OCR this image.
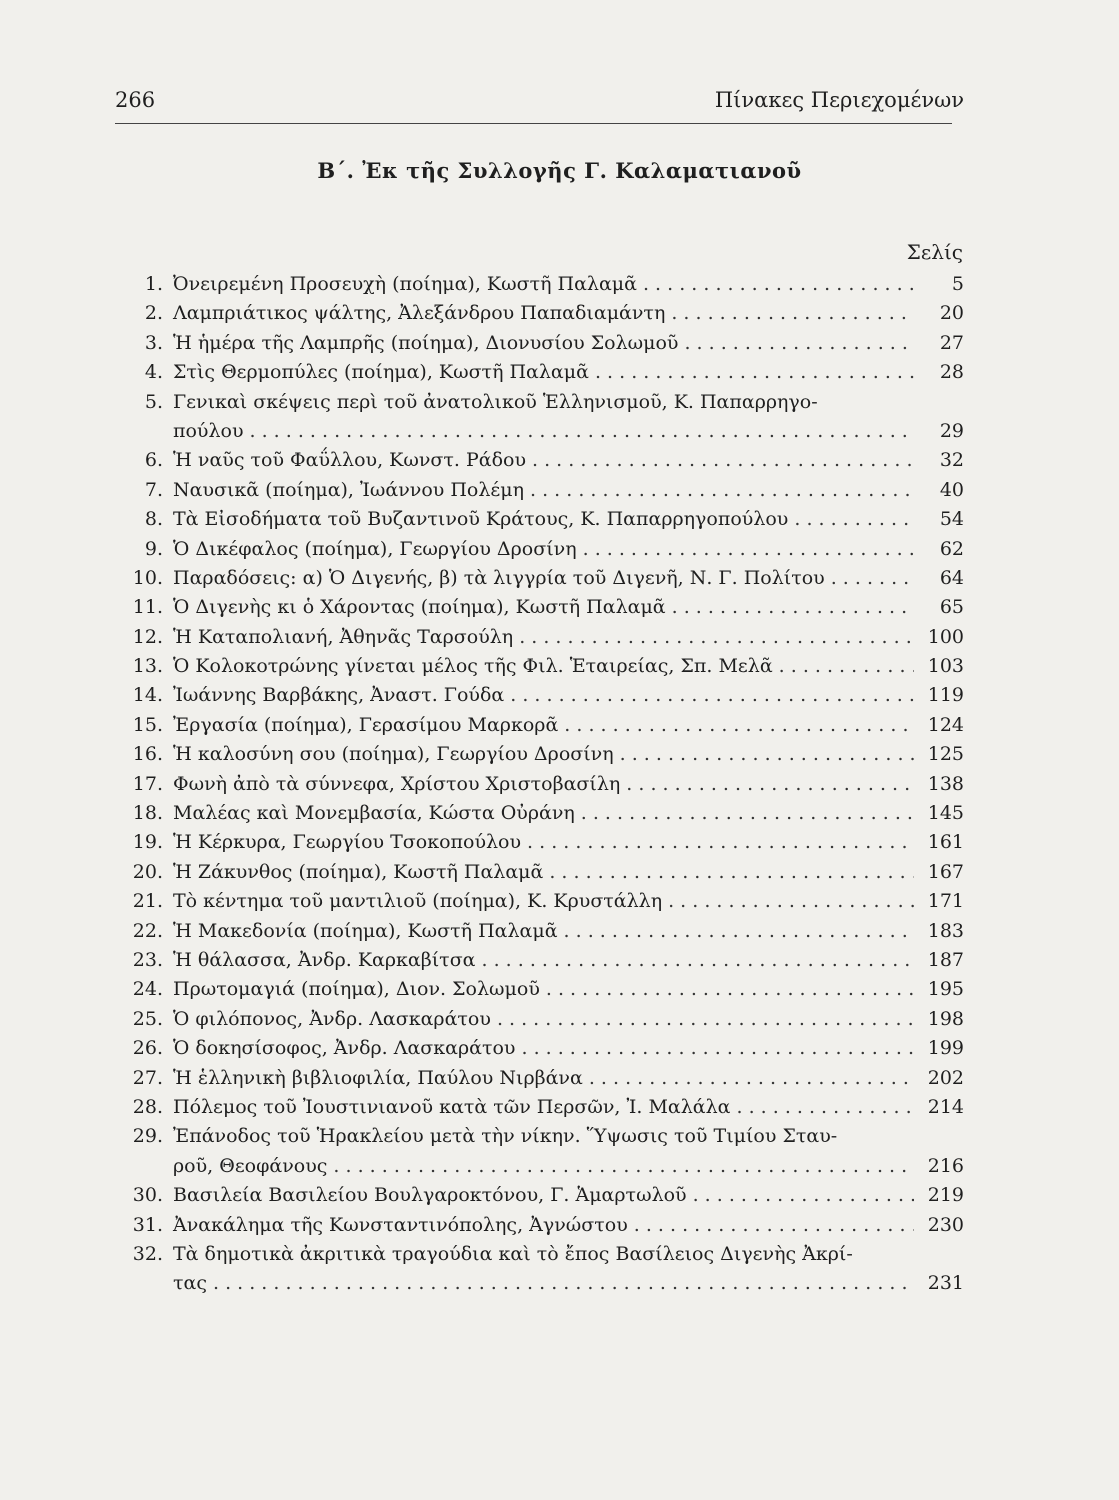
266	Πίνακες Περιεχομένων
Β΄. Ἐκ τῆς Συλλογῆς Γ. Καλαματιανοῦ
Σελίς
1. Ὀνειρεμένη Προσευχὴ (ποίημα), Κωστῆ Παλαμᾶ . . .	5
2. Λαμπριάτικος ψάλτης, Ἀλεξάνδρου Παπαδιαμάντη . . .	20
3. Ἡ ἡμέρα τῆς Λαμπρῆς (ποίημα), Διονυσίου Σολωμοῦ . . .	27
4. Στὶς Θερμοπύλες (ποίημα), Κωστῆ Παλαμᾶ . . .	28
5. Γενικαὶ σκέψεις περὶ τοῦ ἀνατολικοῦ Ἑλληνισμοῦ, Κ. Παπαρρηγο-
πούλου . . .	29
6. Ἡ ναῦς τοῦ Φαΰλλου, Κωνστ. Ράδου . . .	32
7. Ναυσικᾶ (ποίημα), Ἰωάννου Πολέμη . . .	40
8. Τὰ Εἰσοδήματα τοῦ Βυζαντινοῦ Κράτους, Κ. Παπαρρηγοπούλου . . .	54
9. Ὁ Δικέφαλος (ποίημα), Γεωργίου Δροσίνη . . .	62
10. Παραδόσεις: α) Ὁ Διγενής, β) τὰ λιγγρία τοῦ Διγενῆ, Ν. Γ. Πολίτου . . .	64
11. Ὁ Διγενὴς κι ὁ Χάροντας (ποίημα), Κωστῆ Παλαμᾶ . . .	65
12. Ἡ Καταπολιανή, Ἀθηνᾶς Ταρσούλη . . .	100
13. Ὁ Κολοκοτρώνης γίνεται μέλος τῆς Φιλ. Ἑταιρείας, Σπ. Μελᾶ . . .	103
14. Ἰωάννης Βαρβάκης, Ἀναστ. Γούδα . . .	119
15. Ἐργασία (ποίημα), Γερασίμου Μαρκορᾶ . . .	124
16. Ἡ καλοσύνη σου (ποίημα), Γεωργίου Δροσίνη . . .	125
17. Φωνὴ ἀπὸ τὰ σύννεφα, Χρίστου Χριστοβασίλη . . .	138
18. Μαλέας καὶ Μονεμβασία, Κώστα Οὐράνη . . .	145
19. Ἡ Κέρκυρα, Γεωργίου Τσοκοπούλου . . .	161
20. Ἡ Ζάκυνθος (ποίημα), Κωστῆ Παλαμᾶ . . .	167
21. Τὸ κέντημα τοῦ μαντιλιοῦ (ποίημα), Κ. Κρυστάλλη . . .	171
22. Ἡ Μακεδονία (ποίημα), Κωστῆ Παλαμᾶ . . .	183
23. Ἡ θάλασσα, Ἀνδρ. Καρκαβίτσα . . .	187
24. Πρωτομαγιά (ποίημα), Διον. Σολωμοῦ . . .	195
25. Ὁ φιλόπονος, Ἀνδρ. Λασκαράτου . . .	198
26. Ὁ δοκησίσοφος, Ἀνδρ. Λασκαράτου . . .	199
27. Ἡ ἑλληνικὴ βιβλιοφιλία, Παύλου Νιρβάνα . . .	202
28. Πόλεμος τοῦ Ἰουστινιανοῦ κατὰ τῶν Περσῶν, Ἰ. Μαλάλα . . .	214
29. Ἐπάνοδος τοῦ Ἡρακλείου μετὰ τὴν νίκην. Ὕψωσις τοῦ Τιμίου Σταυ-
ροῦ, Θεοφάνους . . .	216
30. Βασιλεία Βασιλείου Βουλγαροκτόνου, Γ. Ἁμαρτωλοῦ . . .	219
31. Ἀνακάλημα τῆς Κωνσταντινόπολης, Ἀγνώστου . . .	230
32. Τὰ δημοτικὰ ἀκριτικὰ τραγούδια καὶ τὸ ἔπος Βασίλειος Διγενὴς Ἀκρί-
τας . . .	231
